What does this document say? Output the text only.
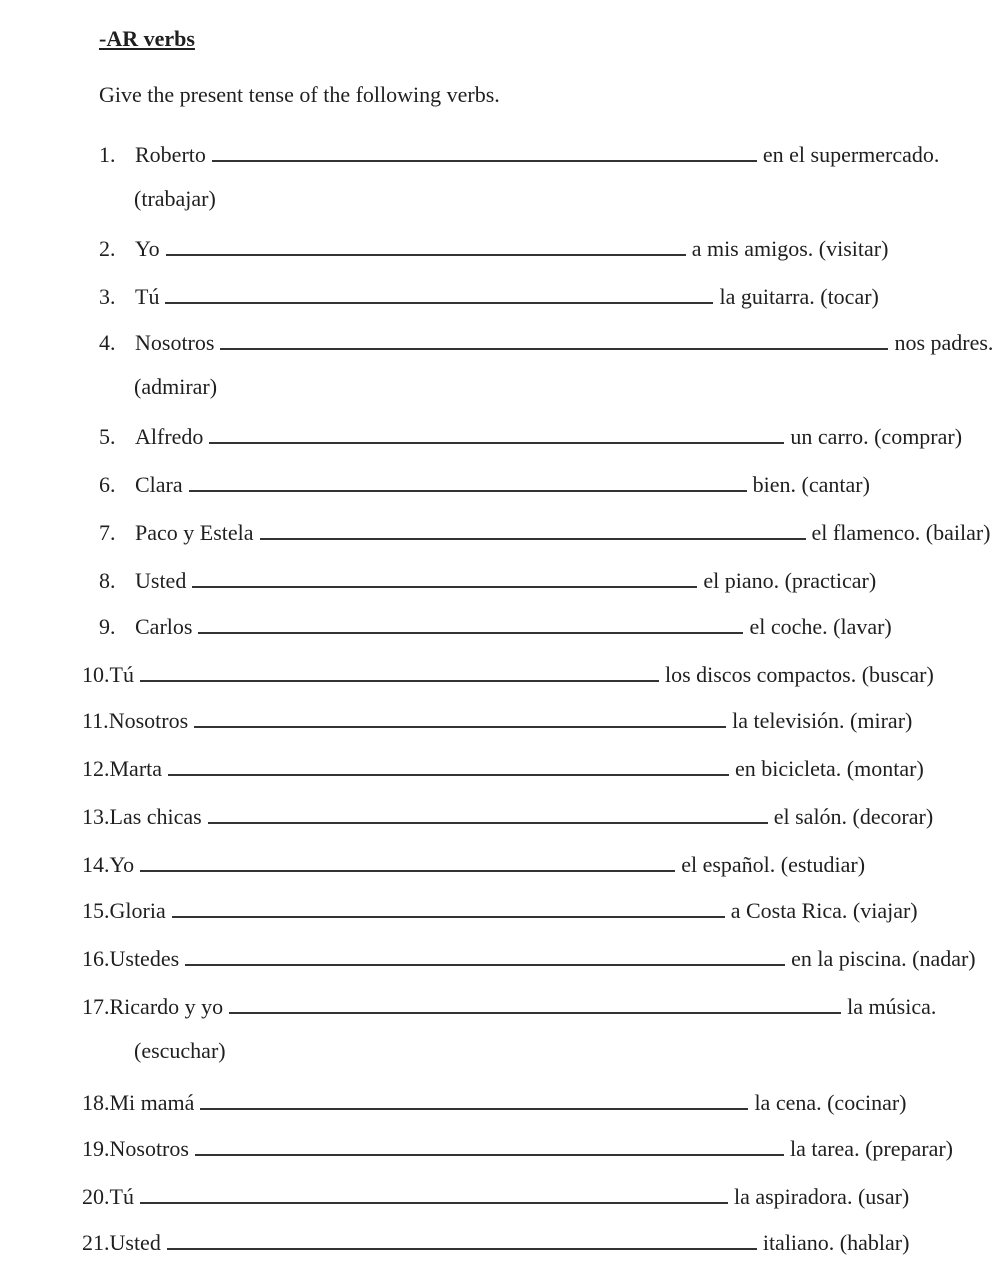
-AR verbs
Give the present tense of the following verbs.
1. Roberto	en el supermercado.
(trabajar)
2. Yo	a mis amigos. (visitar)
3. Tú	la guitarra. (tocar)
4. Nosotros	nos padres.
(admirar)
5. Alfredo	un carro. (comprar)
6. Clara	bien. (cantar)
7. Paco y Estela	el flamenco. (bailar)
8. Usted	el piano. (practicar)
9. Carlos	el coche. (lavar)
10. Tú	los discos compactos. (buscar)
11. Nosotros	la televisión. (mirar)
12. Marta	en bicicleta. (montar)
13. Las chicas	el salón. (decorar)
14. Yo	el español. (estudiar)
15. Gloria	a Costa Rica. (viajar)
16. Ustedes	en la piscina. (nadar)
17. Ricardo y yo	la música.
(escuchar)
18. Mi mamá	la cena. (cocinar)
19. Nosotros	la tarea. (preparar)
20. Tú	la aspiradora. (usar)
21. Usted	italiano. (hablar)
